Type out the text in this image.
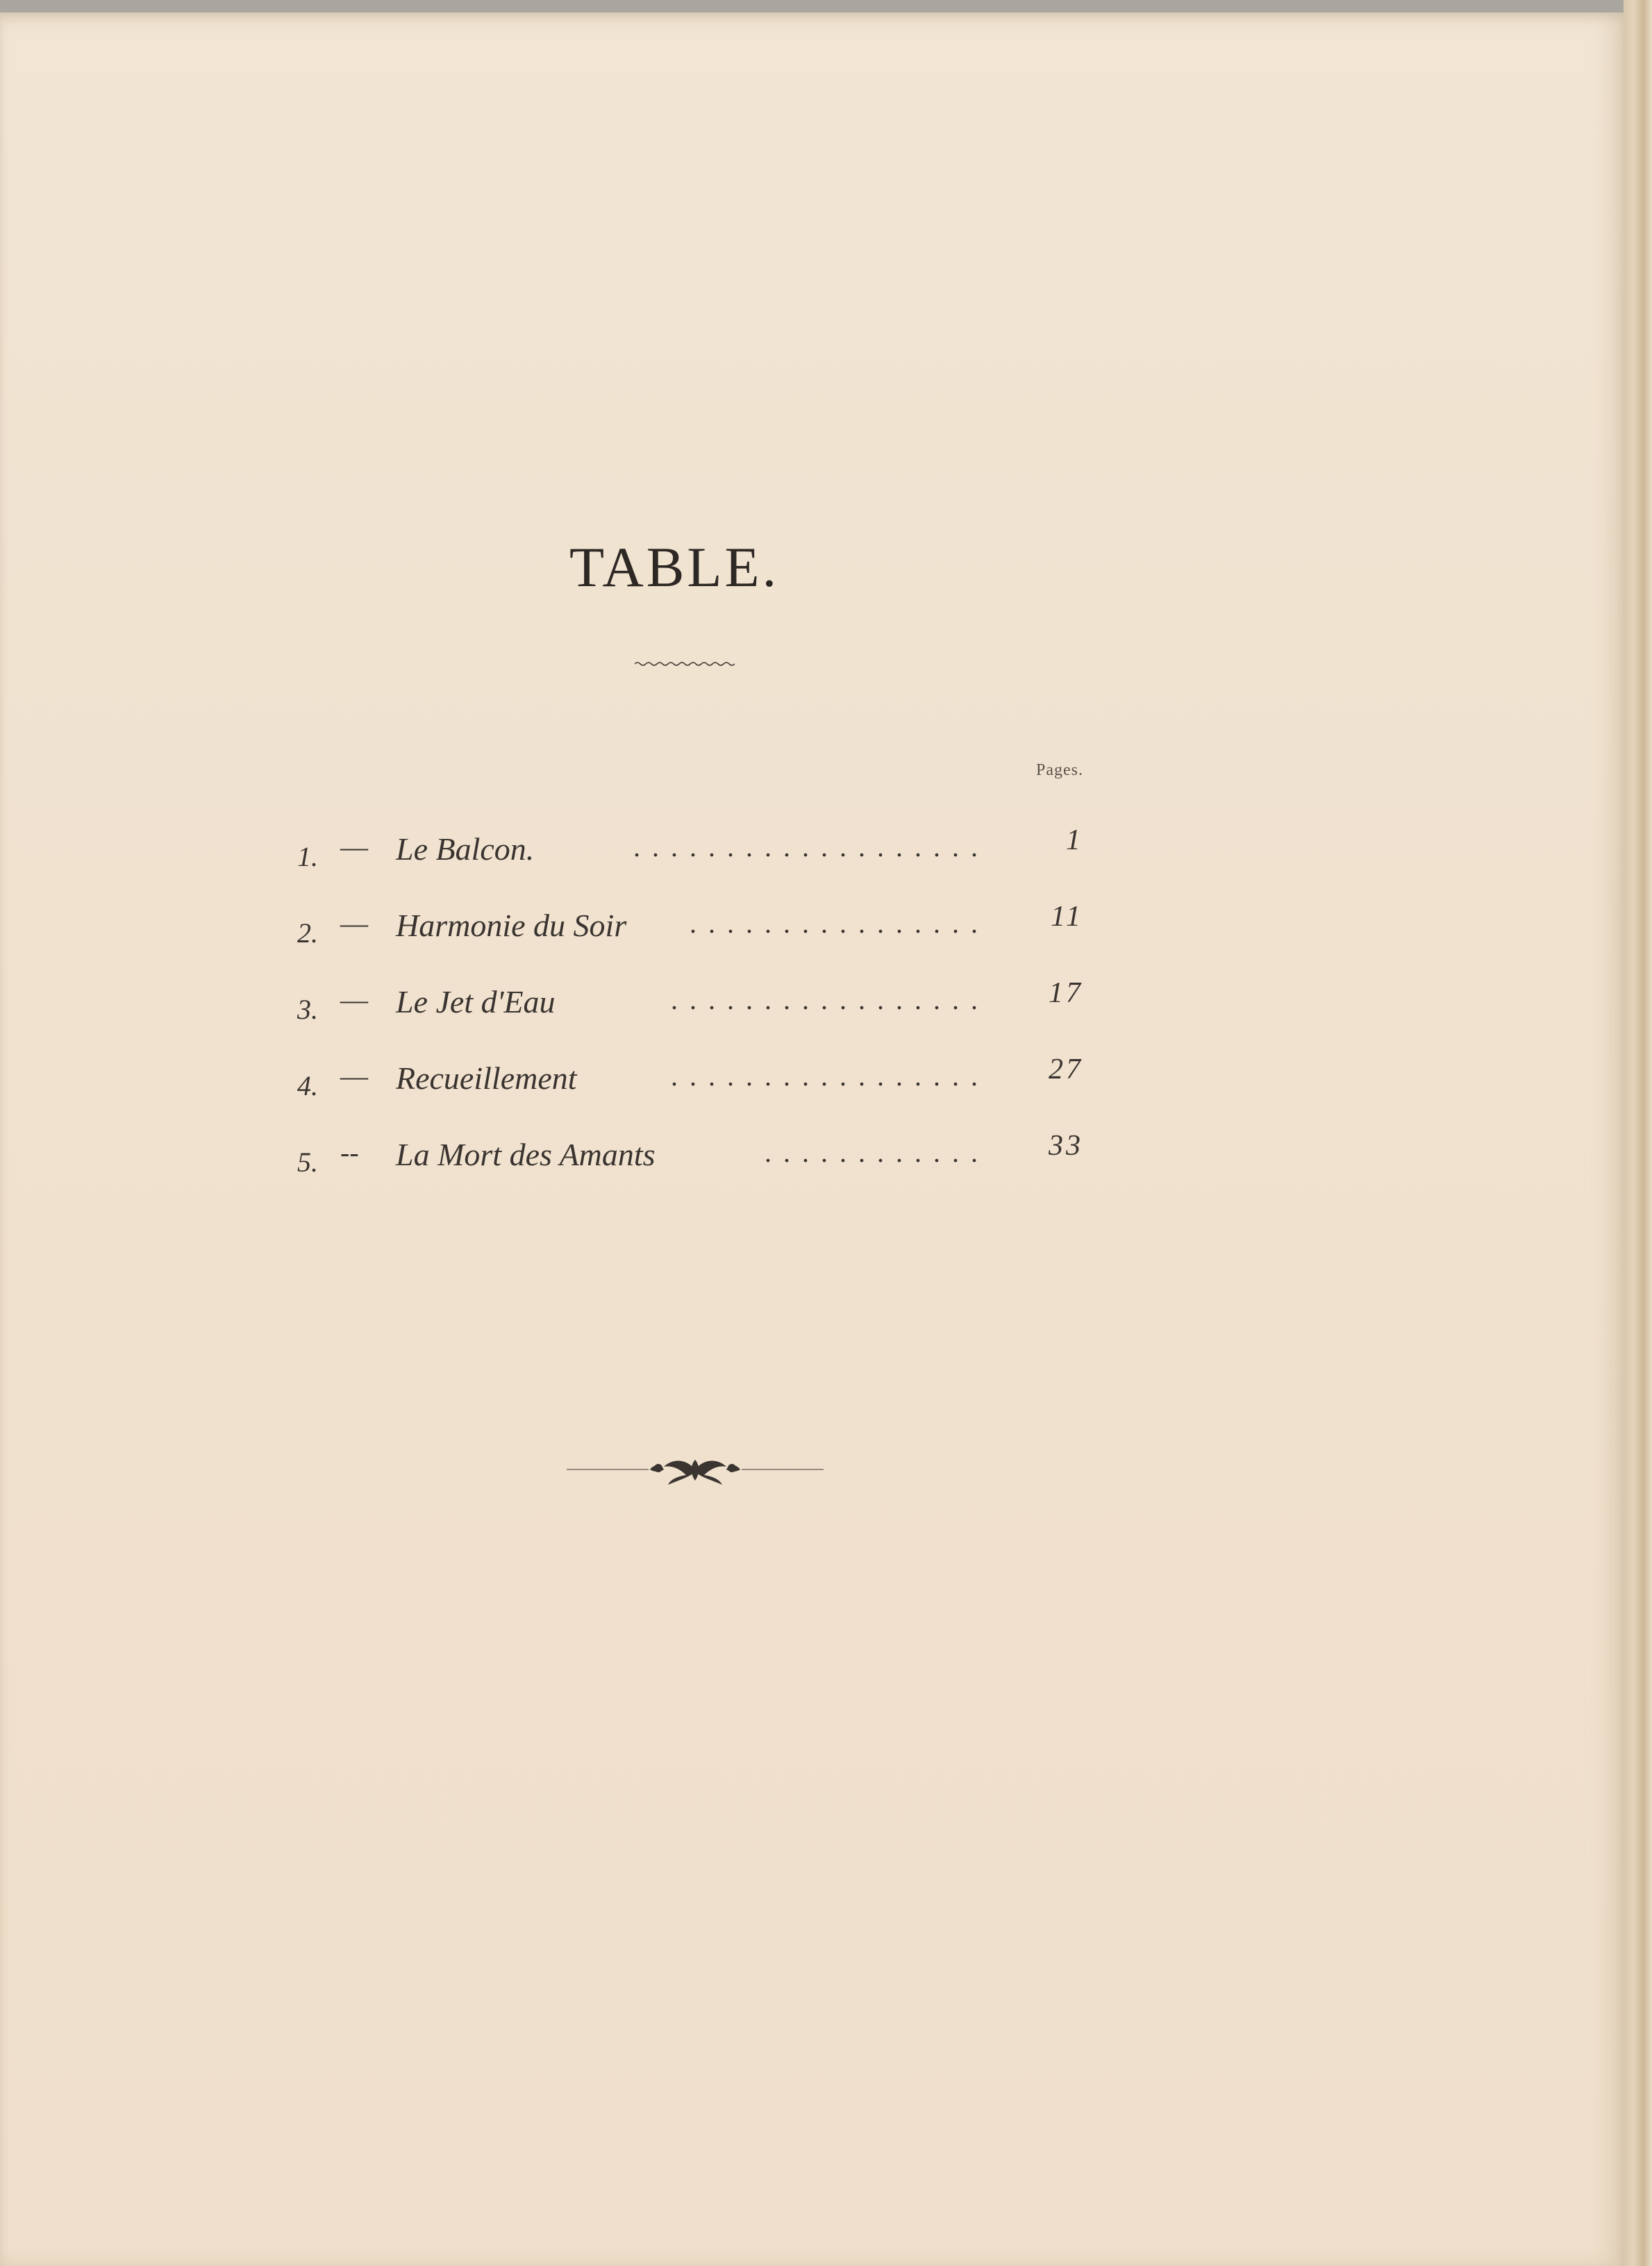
TABLE.
Pages.
1. — Le Balcon.	...................	1
2. — Harmonie du Soir ................	11
3. — Le Jet d'Eau	.................	17
4. — Recueillement	.................	27
5. -- La Mort des Amants	............	33
